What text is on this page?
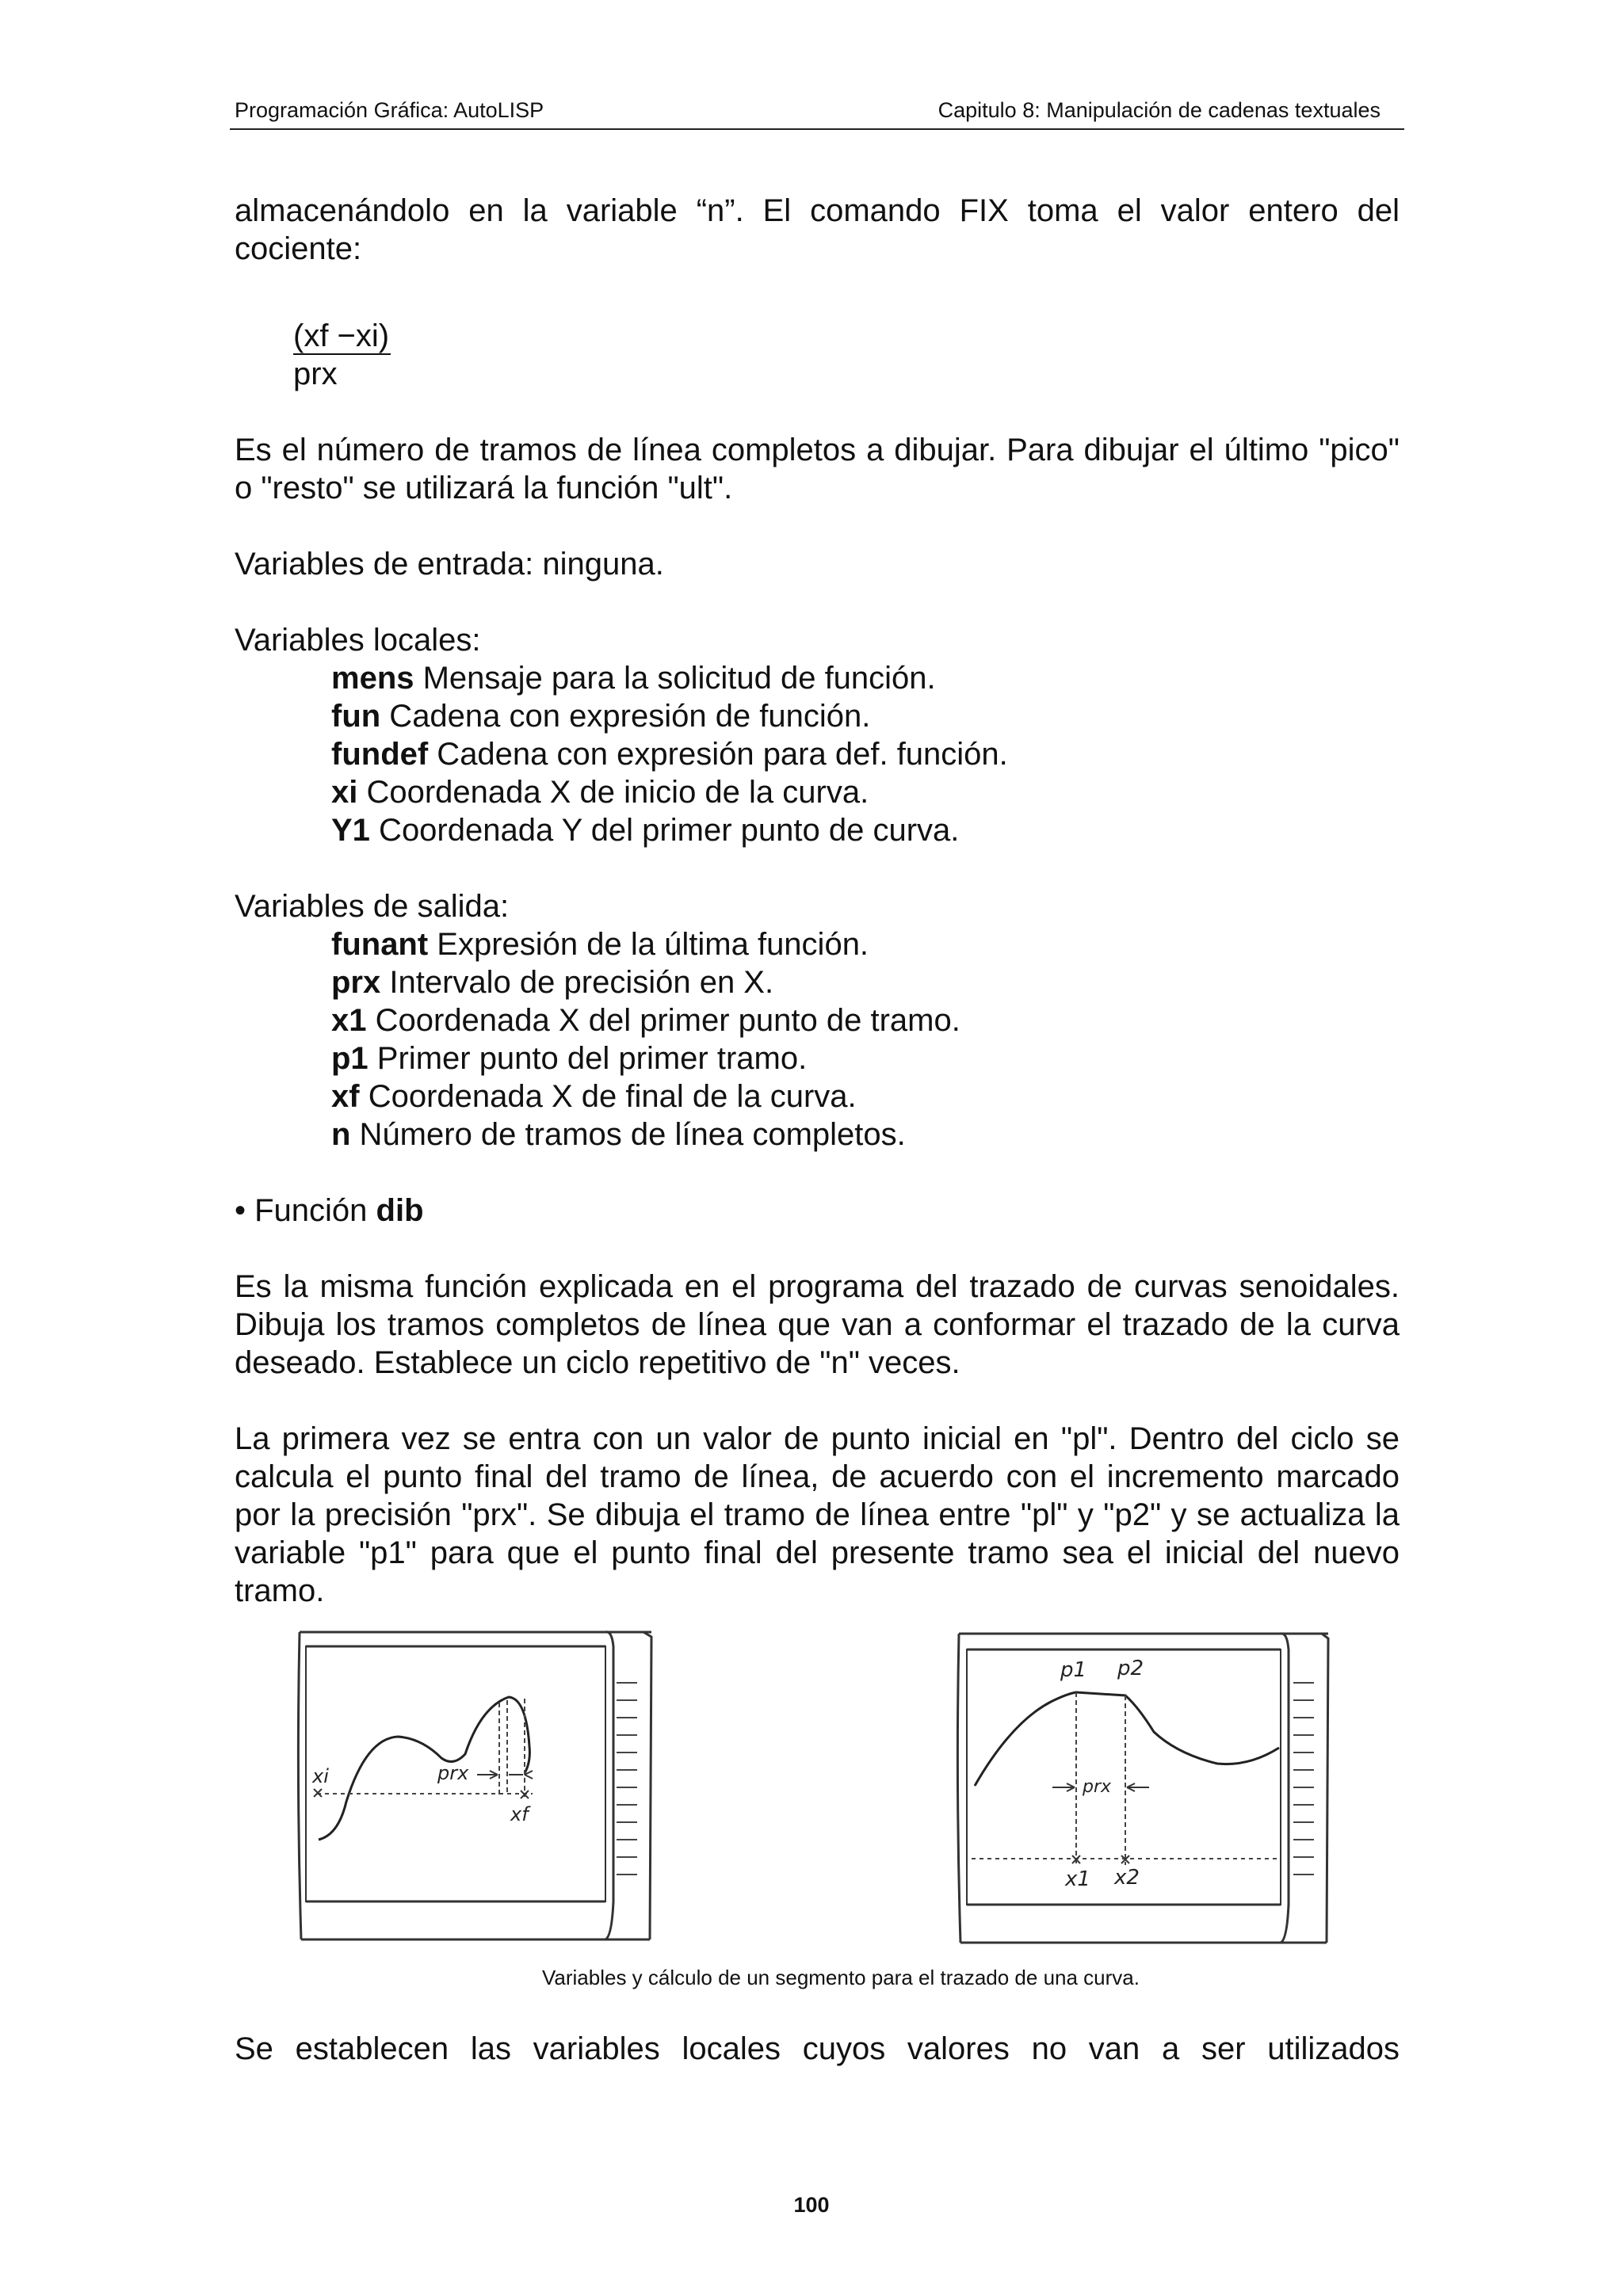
Programación Gráfica: AutoLISP	Capitulo 8: Manipulación de cadenas textuales

almacenándolo en la variable “n”. El comando FIX toma el valor entero del cociente:

(xf −xi)
prx

Es el número de tramos de línea completos a dibujar. Para dibujar el último "pico" o "resto" se utilizará la función "ult".

Variables de entrada: ninguna.

Variables locales:

mens Mensaje para la solicitud de función.
fun Cadena con expresión de función.
fundef Cadena con expresión para def. función.
xi Coordenada X de inicio de la curva.
Y1 Coordenada Y del primer punto de curva.

Variables de salida:

funant Expresión de la última función.
prx Intervalo de precisión en X.
x1 Coordenada X del primer punto de tramo.
p1 Primer punto del primer tramo.
xf Coordenada X de final de la curva.
n Número de tramos de línea completos.

• Función dib

Es la misma función explicada en el programa del trazado de curvas senoidales. Dibuja los tramos completos de línea que van a conformar el trazado de la curva deseado. Establece un ciclo repetitivo de "n" veces.

La primera vez se entra con un valor de punto inicial en "pl". Dentro del ciclo se calcula el punto final del tramo de línea, de acuerdo con el incremento marcado por la precisión "prx". Se dibuja el tramo de línea entre "pl" y "p2" y se actualiza la variable "p1" para que el punto final del presente tramo sea el inicial del nuevo tramo.

xi	prx
xf
p1 p2
prx
x1 x2

Variables y cálculo de un segmento para el trazado de una curva.

Se establecen las variables locales cuyos valores no van a ser utilizados

100
